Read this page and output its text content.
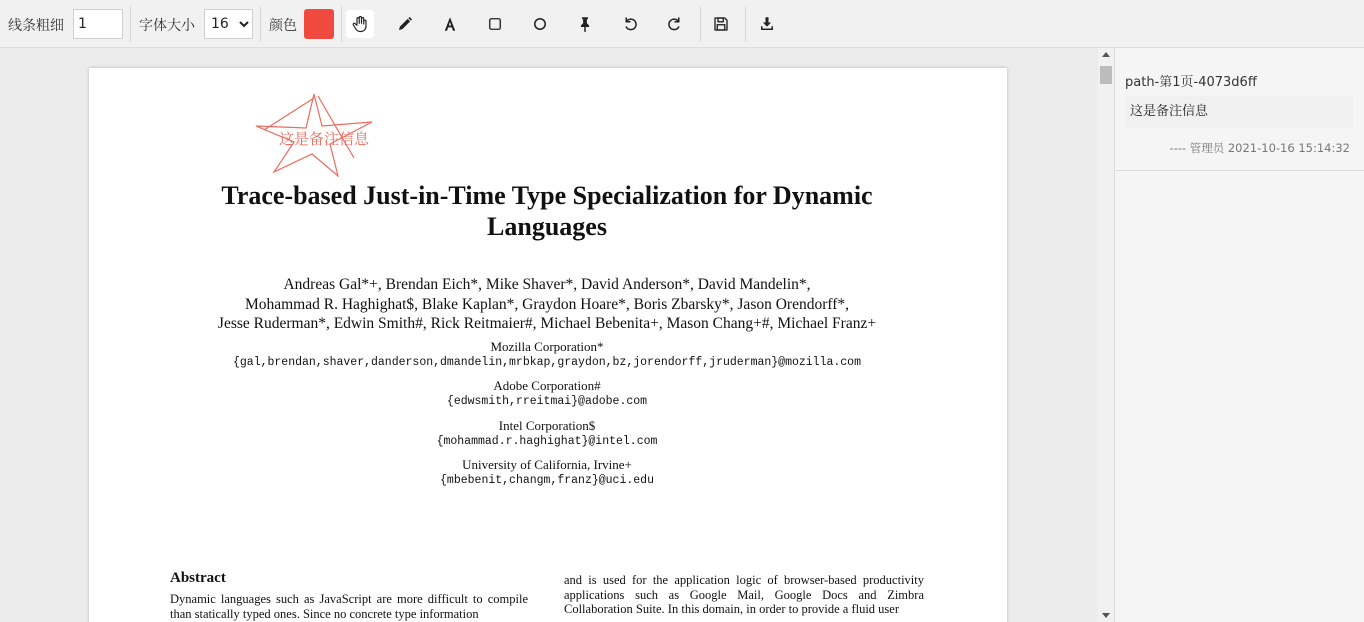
线条粗细
1	字体大小
16	颜色
这是备注信息
Trace-based Just-in-Time Type Specialization for Dynamic
Languages
Andreas Gal*+, Brendan Eich*, Mike Shaver*, David Anderson*, David Mandelin*,
Mohammad R. Haghighat$, Blake Kaplan*, Graydon Hoare*, Boris Zbarsky*, Jason Orendorff*,
Jesse Ruderman*, Edwin Smith#, Rick Reitmaier#, Michael Bebenita+, Mason Chang+#, Michael Franz+
Mozilla Corporation*
{gal,brendan,shaver,danderson,dmandelin,mrbkap,graydon,bz,jorendorff,jruderman}@mozilla.com
Adobe Corporation#
{edwsmith,rreitmai}@adobe.com
Intel Corporation$
{mohammad.r.haghighat}@intel.com
University of California, Irvine+
{mbebenit,changm,franz}@uci.edu
Abstract
Dynamic languages such as JavaScript are more difficult to compile than statically typed ones. Since no concrete type information
and is used for the application logic of browser-based productivity applications such as Google Mail, Google Docs and Zimbra Collaboration Suite. In this domain, in order to provide a fluid user
path-第1页-4073d6ff
这是备注信息
---- 管理员 2021-10-16 15:14:32
